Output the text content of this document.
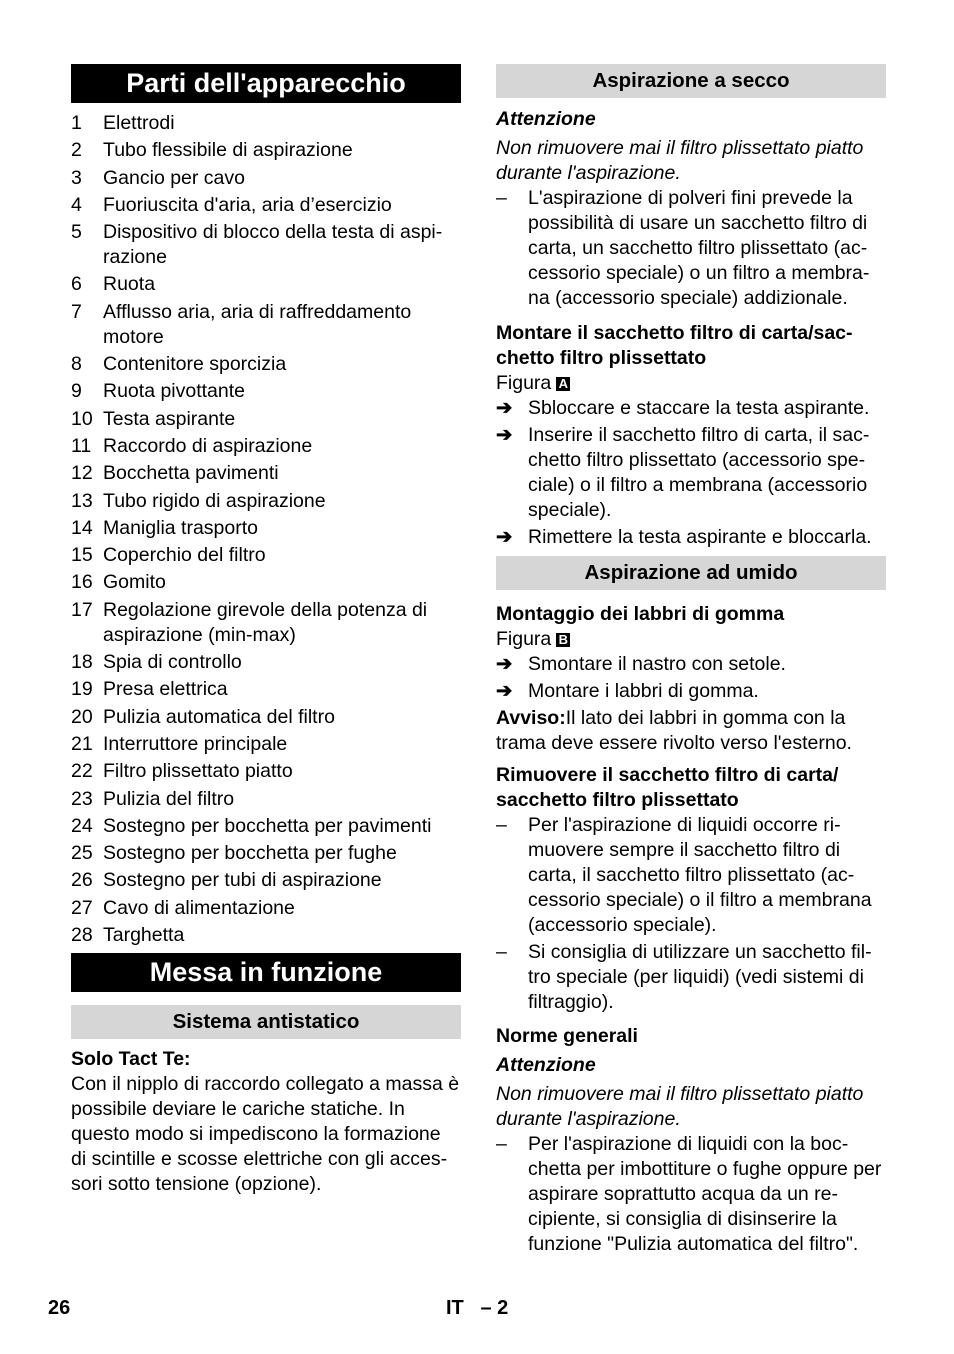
Parti dell'apparecchio
1	Elettrodi
2	Tubo flessibile di aspirazione
3	Gancio per cavo
4	Fuoriuscita d'aria, aria d’esercizio
5	Dispositivo di blocco della testa di aspi-razione
6	Ruota
7	Afflusso aria, aria di raffreddamento motore
8	Contenitore sporcizia
9	Ruota pivottante
10 Testa aspirante
11 Raccordo di aspirazione
12 Bocchetta pavimenti
13 Tubo rigido di aspirazione
14 Maniglia trasporto
15 Coperchio del filtro
16 Gomito
17 Regolazione girevole della potenza di aspirazione (min-max)
18 Spia di controllo
19 Presa elettrica
20 Pulizia automatica del filtro
21 Interruttore principale
22 Filtro plissettato piatto
23 Pulizia del filtro
24 Sostegno per bocchetta per pavimenti
25 Sostegno per bocchetta per fughe
26 Sostegno per tubi di aspirazione
27 Cavo di alimentazione
28 Targhetta
Messa in funzione
Sistema antistatico
Solo Tact Te:

Con il nipplo di raccordo collegato a massa è possibile deviare le cariche statiche. In questo modo si impediscono la formazione di scintille e scosse elettriche con gli acces-sori sotto tensione (opzione).

Aspirazione a secco
Attenzione

Non rimuovere mai il filtro plissettato piatto durante l'aspirazione.

–	L'aspirazione di polveri fini prevede la possibilità di usare un sacchetto filtro di carta, un sacchetto filtro plissettato (ac-cessorio speciale) o un filtro a membra-na (accessorio speciale) addizionale.
Montare il sacchetto filtro di carta/sac-chetto filtro plissettato
Figura A
➔ Sbloccare e staccare la testa aspirante.
➔ Inserire il sacchetto filtro di carta, il sac-chetto filtro plissettato (accessorio spe-ciale) o il filtro a membrana (accessorio speciale).
➔ Rimettere la testa aspirante e bloccarla.
Aspirazione ad umido
Montaggio dei labbri di gomma
Figura B
➔ Smontare il nastro con setole.
➔ Montare i labbri di gomma.

Avviso:Il lato dei labbri in gomma con la trama deve essere rivolto verso l'esterno.

Rimuovere il sacchetto filtro di carta/ sacchetto filtro plissettato
–	Per l'aspirazione di liquidi occorre ri-muovere sempre il sacchetto filtro di carta, il sacchetto filtro plissettato (ac-cessorio speciale) o il filtro a membrana (accessorio speciale).
–	Si consiglia di utilizzare un sacchetto fil-tro speciale (per liquidi) (vedi sistemi di filtraggio).
Norme generali
Attenzione

Non rimuovere mai il filtro plissettato piatto durante l'aspirazione.

–	Per l'aspirazione di liquidi con la boc-chetta per imbottiture o fughe oppure per aspirare soprattutto acqua da un re-cipiente, si consiglia di disinserire la funzione "Pulizia automatica del filtro".
26	IT – 2
